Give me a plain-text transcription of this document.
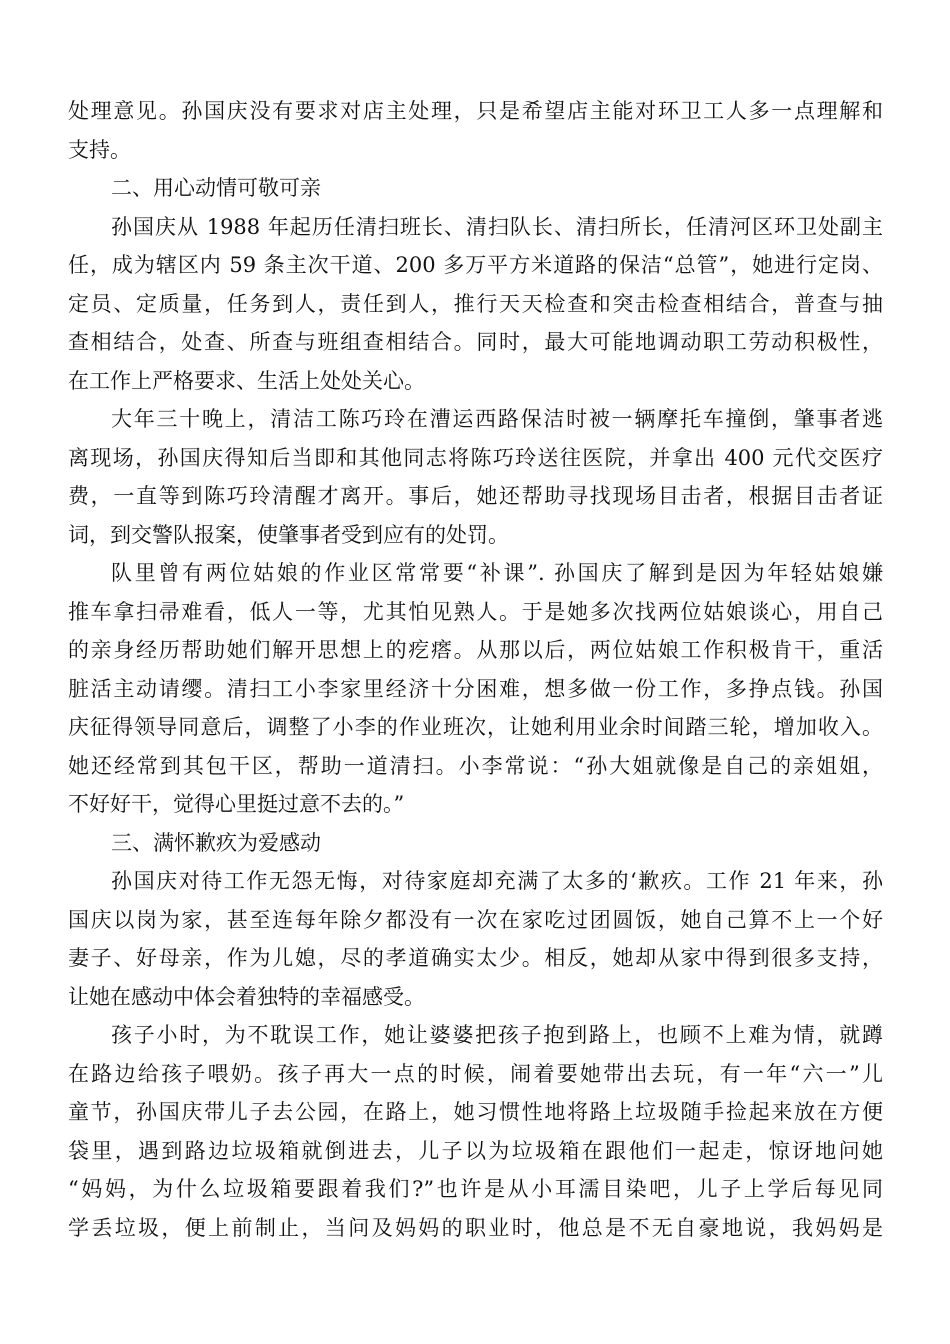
处理意见。孙国庆没有要求对店主处理，只是希望店主能对环卫工人多一点理解和
支持。
二、用心动情可敬可亲
孙国庆从 1988 年起历任清扫班长、清扫队长、清扫所长，任清河区环卫处副主
任，成为辖区内 59 条主次干道、200 多万平方米道路的保洁“总管”，她进行定岗、
定员、定质量，任务到人，责任到人，推行天天检查和突击检查相结合，普查与抽
查相结合，处查、所查与班组查相结合。同时，最大可能地调动职工劳动积极性，
在工作上严格要求、生活上处处关心。
大年三十晚上，清洁工陈巧玲在漕运西路保洁时被一辆摩托车撞倒，肇事者逃
离现场，孙国庆得知后当即和其他同志将陈巧玲送往医院，并拿出 400 元代交医疗
费，一直等到陈巧玲清醒才离开。事后，她还帮助寻找现场目击者，根据目击者证
词，到交警队报案，使肇事者受到应有的处罚。
队里曾有两位姑娘的作业区常常要“补课”. 孙国庆了解到是因为年轻姑娘嫌
推车拿扫帚难看，低人一等，尤其怕见熟人。于是她多次找两位姑娘谈心，用自己
的亲身经历帮助她们解开思想上的疙瘩。从那以后，两位姑娘工作积极肯干，重活
脏活主动请缨。清扫工小李家里经济十分困难，想多做一份工作，多挣点钱。孙国
庆征得领导同意后，调整了小李的作业班次，让她利用业余时间踏三轮，增加收入。
她还经常到其包干区，帮助一道清扫。小李常说：“孙大姐就像是自己的亲姐姐，
不好好干，觉得心里挺过意不去的。”
三、满怀歉疚为爱感动
孙国庆对待工作无怨无悔，对待家庭却充满了太多的‘歉疚。工作 21 年来，孙
国庆以岗为家，甚至连每年除夕都没有一次在家吃过团圆饭，她自己算不上一个好
妻子、好母亲，作为儿媳，尽的孝道确实太少。相反，她却从家中得到很多支持，
让她在感动中体会着独特的幸福感受。
孩子小时，为不耽误工作，她让婆婆把孩子抱到路上，也顾不上难为情，就蹲
在路边给孩子喂奶。孩子再大一点的时候，闹着要她带出去玩，有一年“六一”儿
童节，孙国庆带儿子去公园，在路上，她习惯性地将路上垃圾随手捡起来放在方便
袋里，遇到路边垃圾箱就倒进去，儿子以为垃圾箱在跟他们一起走，惊讶地问她
“妈妈，为什么垃圾箱要跟着我们?”也许是从小耳濡目染吧，儿子上学后每见同
学丢垃圾，便上前制止，当问及妈妈的职业时，他总是不无自豪地说，我妈妈是
